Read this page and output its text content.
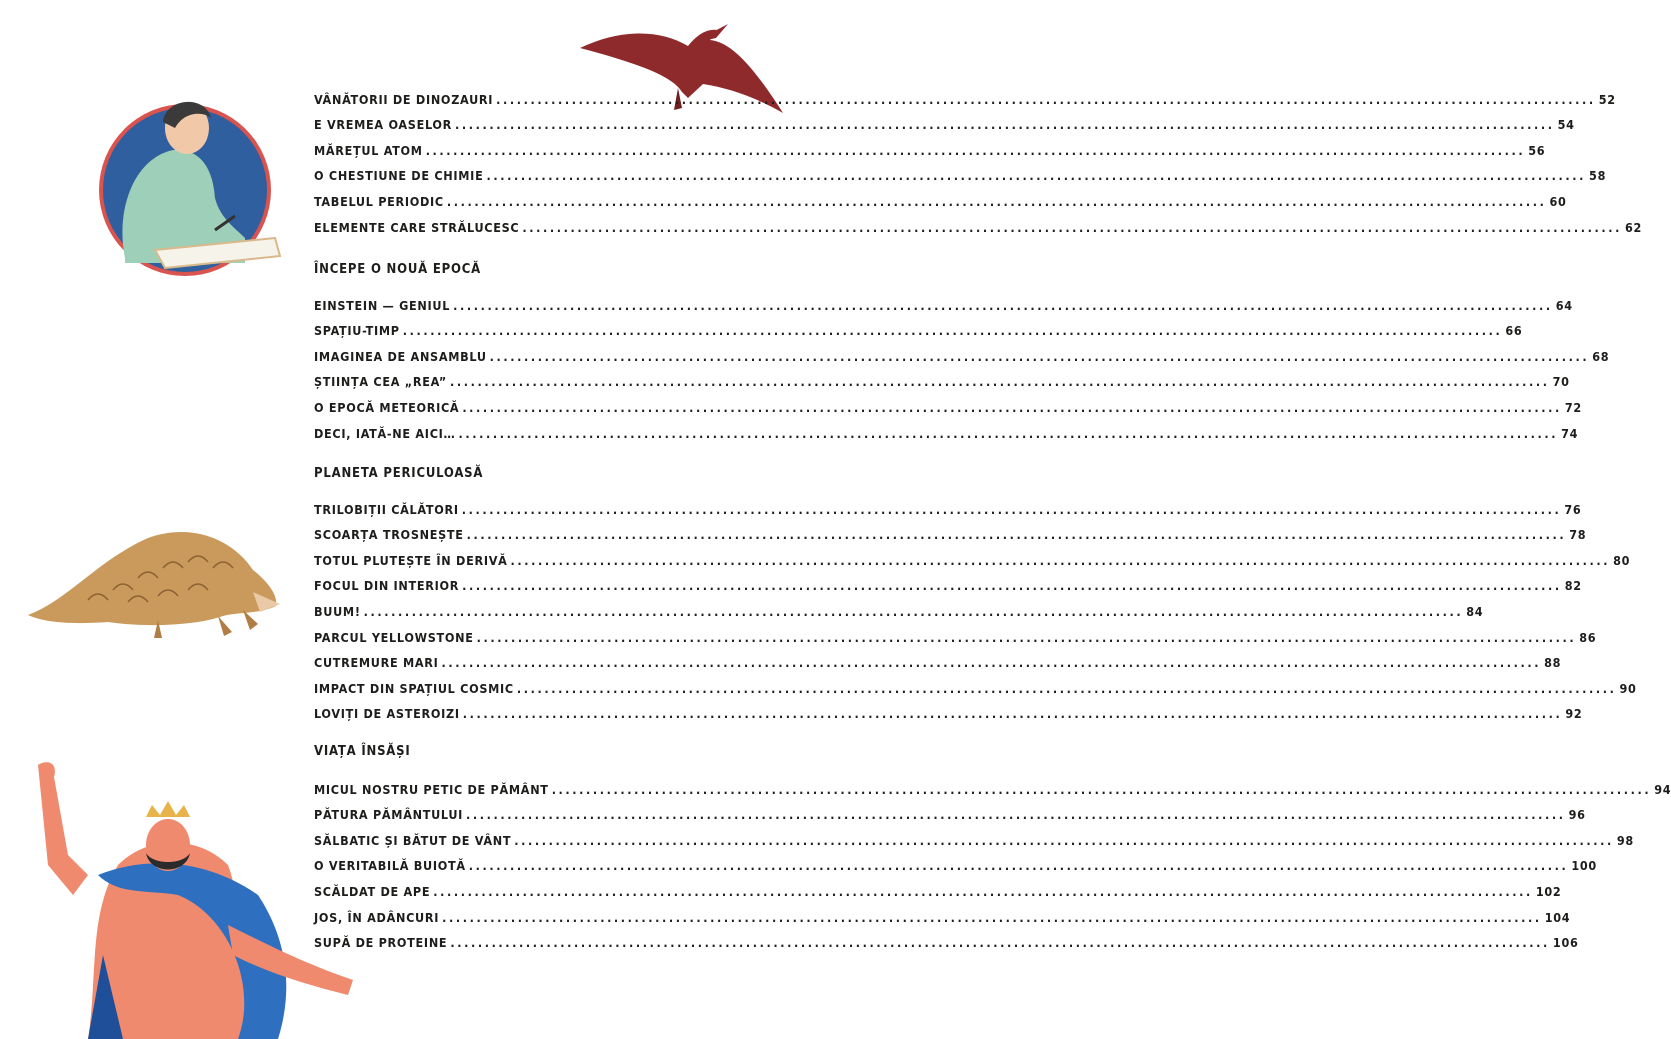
VÂNĂTORII DE DINOZAURI ................................................................................................................................................................ 52
E VREMEA OASELOR ................................................................................................................................................................ 54
MĂREȚUL ATOM ................................................................................................................................................................ 56
O CHESTIUNE DE CHIMIE ................................................................................................................................................................ 58
TABELUL PERIODIC ................................................................................................................................................................ 60
ELEMENTE CARE STRĂLUCESC ................................................................................................................................................................ 62
ÎNCEPE O NOUĂ EPOCĂ
EINSTEIN — GENIUL ................................................................................................................................................................ 64
SPAȚIU-TIMP ................................................................................................................................................................ 66
IMAGINEA DE ANSAMBLU ................................................................................................................................................................ 68
ȘTIINȚA CEA „REA” ................................................................................................................................................................ 70
O EPOCĂ METEORICĂ ................................................................................................................................................................ 72
DECI, IATĂ-NE AICI… ................................................................................................................................................................ 74
PLANETA PERICULOASĂ
TRILOBIȚII CĂLĂTORI ................................................................................................................................................................ 76
SCOARȚA TROSNEȘTE ................................................................................................................................................................ 78
TOTUL PLUTEȘTE ÎN DERIVĂ ................................................................................................................................................................ 80
FOCUL DIN INTERIOR ................................................................................................................................................................ 82
BUUM! ................................................................................................................................................................ 84
PARCUL YELLOWSTONE ................................................................................................................................................................ 86
CUTREMURE MARI ................................................................................................................................................................ 88
IMPACT DIN SPAȚIUL COSMIC ................................................................................................................................................................ 90
LOVIȚI DE ASTEROIZI ................................................................................................................................................................ 92
VIAȚA ÎNSĂȘI
MICUL NOSTRU PETIC DE PĂMÂNT ................................................................................................................................................................ 94
PĂTURA PĂMÂNTULUI ................................................................................................................................................................ 96
SĂLBATIC ȘI BĂTUT DE VÂNT ................................................................................................................................................................ 98
O VERITABILĂ BUIOTĂ ................................................................................................................................................................ 100
SCĂLDAT DE APE ................................................................................................................................................................ 102
JOS, ÎN ADÂNCURI ................................................................................................................................................................ 104
SUPĂ DE PROTEINE ................................................................................................................................................................ 106
